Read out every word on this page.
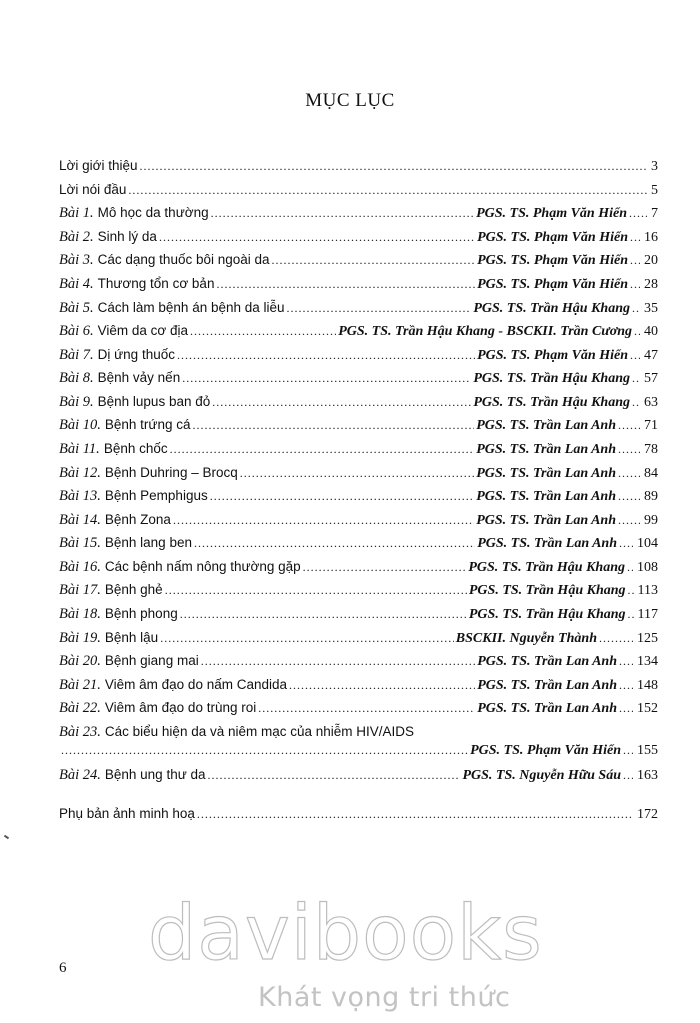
MỤC LỤC
Lời giới thiệu .....	3
Lời nói đầu .....	5
Bài 1. Mô học da thường .....	PGS. TS. Phạm Văn Hiển ..... 7
Bài 2. Sinh lý da .....	PGS. TS. Phạm Văn Hiển ..... 16
Bài 3. Các dạng thuốc bôi ngoài da .....	PGS. TS. Phạm Văn Hiển ..... 20
Bài 4. Thương tổn cơ bản .....	PGS. TS. Phạm Văn Hiển ..... 28
Bài 5. Cách làm bệnh án bệnh da liễu .....	PGS. TS. Trần Hậu Khang ..... 35
Bài 6. Viêm da cơ địa .....	PGS. TS. Trần Hậu Khang - BSCKII. Trần Cương ..... 40
Bài 7. Dị ứng thuốc .....	PGS. TS. Phạm Văn Hiển ..... 47
Bài 8. Bệnh vảy nến .....	PGS. TS. Trần Hậu Khang ..... 57
Bài 9. Bệnh lupus ban đỏ .....	PGS. TS. Trần Hậu Khang ..... 63
Bài 10. Bệnh trứng cá .....	PGS. TS. Trần Lan Anh ..... 71
Bài 11. Bệnh chốc .....	PGS. TS. Trần Lan Anh ..... 78
Bài 12. Bệnh Duhring – Brocq .....	PGS. TS. Trần Lan Anh ..... 84
Bài 13. Bệnh Pemphigus .....	PGS. TS. Trần Lan Anh ..... 89
Bài 14. Bệnh Zona .....	PGS. TS. Trần Lan Anh ..... 99
Bài 15. Bệnh lang ben .....	PGS. TS. Trần Lan Anh ..... 104
Bài 16. Các bệnh nấm nông thường gặp .....	PGS. TS. Trần Hậu Khang ..... 108
Bài 17. Bệnh ghẻ .....	PGS. TS. Trần Hậu Khang ..... 113
Bài 18. Bệnh phong .....	PGS. TS. Trần Hậu Khang ..... 117
Bài 19. Bệnh lậu .....	BSCKII. Nguyễn Thành .....	125
Bài 20. Bệnh giang mai .....	PGS. TS. Trần Lan Anh ..... 134
Bài 21. Viêm âm đạo do nấm Candida .....	PGS. TS. Trần Lan Anh ..... 148
Bài 22. Viêm âm đạo do trùng roi .....	PGS. TS. Trần Lan Anh ..... 152
Bài 23. Các biểu hiện da và niêm mạc của nhiễm HIV/AIDS
.....
PGS. TS. Phạm Văn Hiển ..... 155
Bài 24. Bệnh ung thư da .....	PGS. TS. Nguyễn Hữu Sáu ..... 163
Phụ bản ảnh minh hoạ .....	172
davibooks
6
Khát vọng tri thức
